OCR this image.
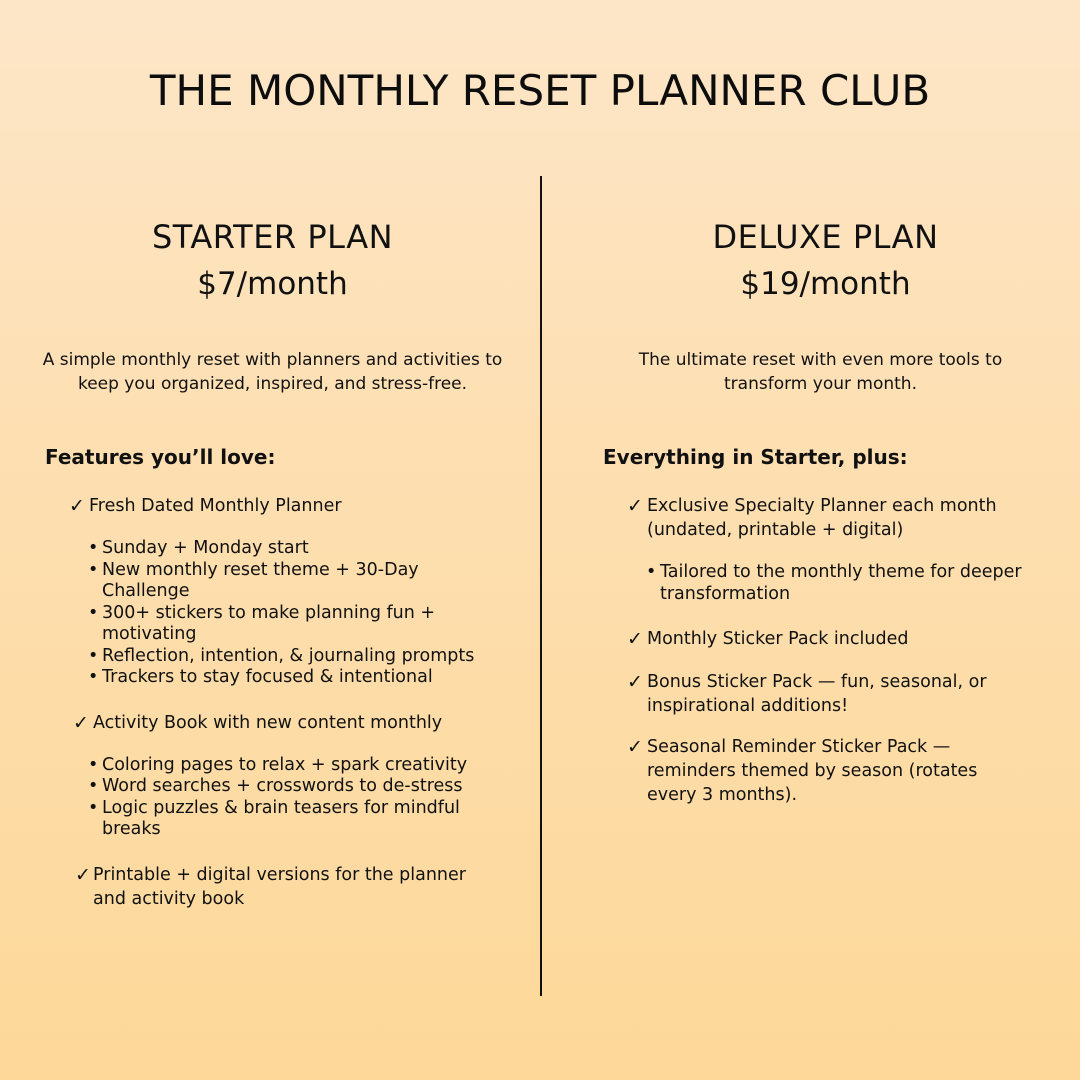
THE MONTHLY RESET PLANNER CLUB
STARTER PLAN
$7/month

A simple monthly reset with planners and activities to keep you organized, inspired, and stress-free.

Features you’ll love:
✓ Fresh Dated Monthly Planner
• Sunday + Monday start
• New monthly reset theme + 30-Day Challenge
• 300+ stickers to make planning fun + motivating
• Reflection, intention, & journaling prompts
• Trackers to stay focused & intentional
✓ Activity Book with new content monthly
• Coloring pages to relax + spark creativity
• Word searches + crosswords to de-stress
• Logic puzzles & brain teasers for mindful breaks
✓ Printable + digital versions for the planner and activity book
DELUXE PLAN
$19/month

The ultimate reset with even more tools to transform your month.

Everything in Starter, plus:
✓ Exclusive Specialty Planner each month (undated, printable + digital)
• Tailored to the monthly theme for deeper transformation
✓ Monthly Sticker Pack included
✓ Bonus Sticker Pack — fun, seasonal, or inspirational additions!
✓ Seasonal Reminder Sticker Pack — reminders themed by season (rotates every 3 months).
